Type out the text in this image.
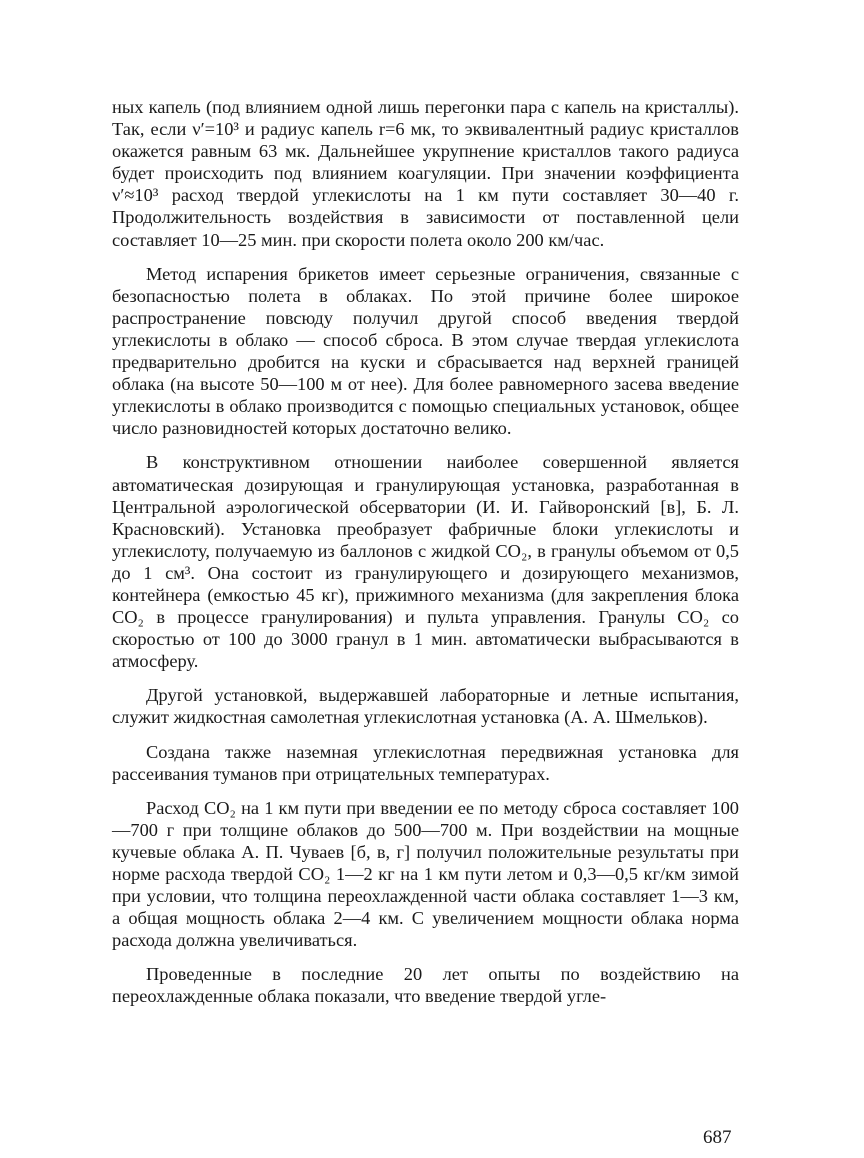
ных капель (под влиянием одной лишь перегонки пара с капель на кристаллы). Так, если ν′=10³ и радиус капель r=6 мк, то эквивалентный радиус кристаллов окажется равным 63 мк. Дальнейшее укрупнение кристаллов такого радиуса будет происходить под влиянием коагуляции. При значении коэффициента ν′≈10³ расход твердой углекислоты на 1 км пути составляет 30—40 г. Продолжительность воздействия в зависимости от поставленной цели составляет 10—25 мин. при скорости полета около 200 км/час.

Метод испарения брикетов имеет серьезные ограничения, связанные с безопасностью полета в облаках. По этой причине более широкое распространение повсюду получил другой способ введения твердой углекислоты в облако — способ сброса. В этом случае твердая углекислота предварительно дробится на куски и сбрасывается над верхней границей облака (на высоте 50—100 м от нее). Для более равномерного засева введение углекислоты в облако производится с помощью специальных установок, общее число разновидностей которых достаточно велико.

В конструктивном отношении наиболее совершенной является автоматическая дозирующая и гранулирующая установка, разработанная в Центральной аэрологической обсерватории (И. И. Гайворонский [в], Б. Л. Красновский). Установка преобразует фабричные блоки углекислоты и углекислоту, получаемую из баллонов с жидкой CO₂, в гранулы объемом от 0,5 до 1 см³. Она состоит из гранулирующего и дозирующего механизмов, контейнера (емкостью 45 кг), прижимного механизма (для закрепления блока CO₂ в процессе гранулирования) и пульта управления. Гранулы CO₂ со скоростью от 100 до 3000 гранул в 1 мин. автоматически выбрасываются в атмосферу.

Другой установкой, выдержавшей лабораторные и летные испытания, служит жидкостная самолетная углекислотная установка (А. А. Шмельков).

Создана также наземная углекислотная передвижная установка для рассеивания туманов при отрицательных температурах.

Расход CO₂ на 1 км пути при введении ее по методу сброса составляет 100—700 г при толщине облаков до 500—700 м. При воздействии на мощные кучевые облака А. П. Чуваев [б, в, г] получил положительные результаты при норме расхода твердой CO₂ 1—2 кг на 1 км пути летом и 0,3—0,5 кг/км зимой при условии, что толщина переохлажденной части облака составляет 1—3 км, а общая мощность облака 2—4 км. С увеличением мощности облака норма расхода должна увеличиваться.

Проведенные в последние 20 лет опыты по воздействию на переохлажденные облака показали, что введение твердой угле-

687
